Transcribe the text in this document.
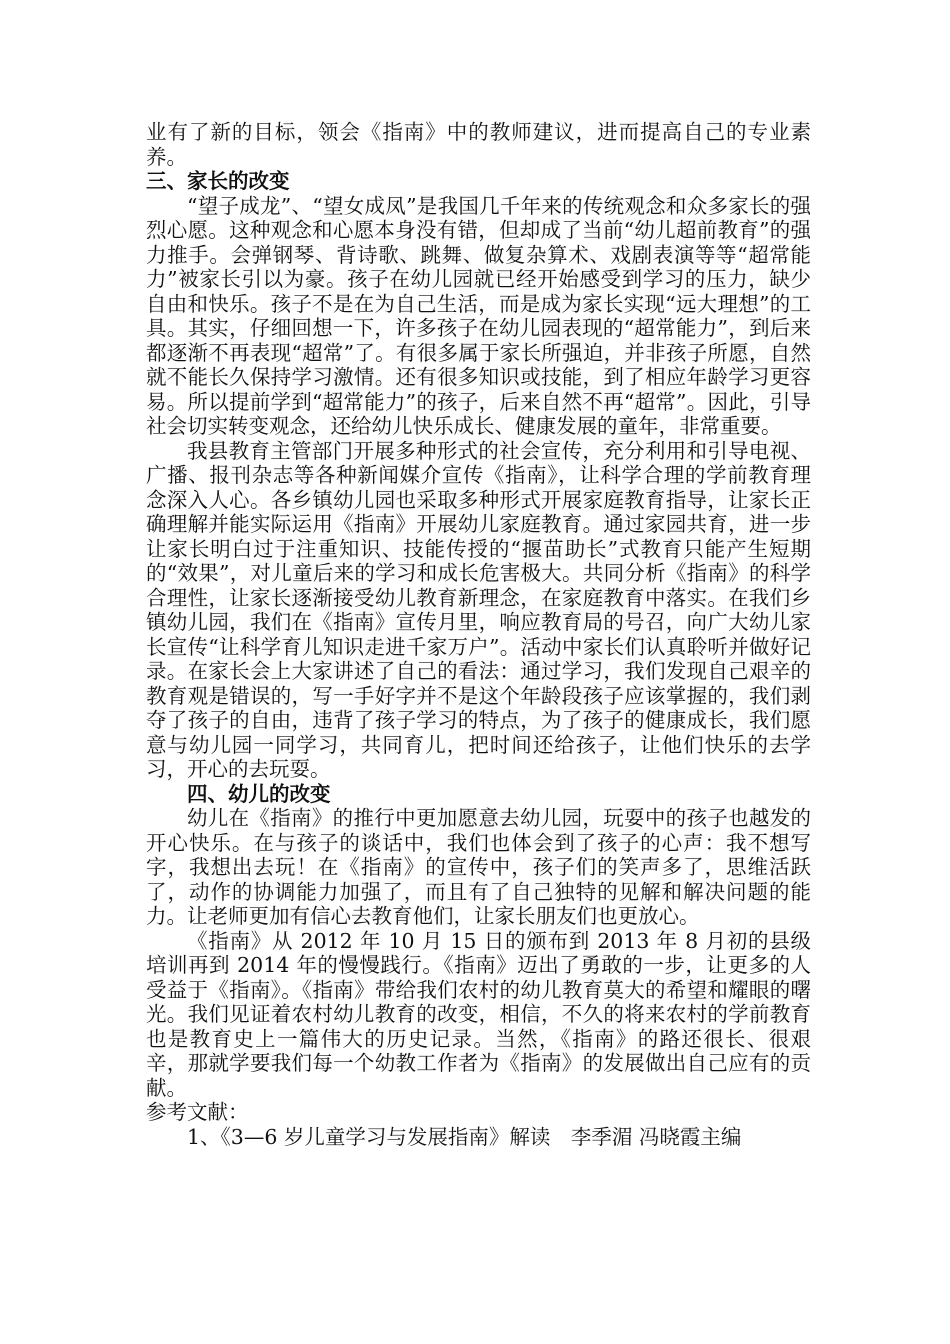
业有了新的目标，领会《指南》中的教师建议，进而提高自己的专业素养。

三、家长的改变

“望子成龙”、“望女成凤”是我国几千年来的传统观念和众多家长的强烈心愿。这种观念和心愿本身没有错，但却成了当前“幼儿超前教育”的强力推手。会弹钢琴、背诗歌、跳舞、做复杂算术、戏剧表演等等“超常能力”被家长引以为豪。孩子在幼儿园就已经开始感受到学习的压力，缺少自由和快乐。孩子不是在为自己生活，而是成为家长实现“远大理想”的工具。其实，仔细回想一下，许多孩子在幼儿园表现的“超常能力”，到后来都逐渐不再表现“超常”了。有很多属于家长所强迫，并非孩子所愿，自然就不能长久保持学习激情。还有很多知识或技能，到了相应年龄学习更容易。所以提前学到“超常能力”的孩子，后来自然不再“超常”。因此，引导社会切实转变观念，还给幼儿快乐成长、健康发展的童年，非常重要。

我县教育主管部门开展多种形式的社会宣传，充分利用和引导电视、广播、报刊杂志等各种新闻媒介宣传《指南》，让科学合理的学前教育理念深入人心。各乡镇幼儿园也采取多种形式开展家庭教育指导，让家长正确理解并能实际运用《指南》开展幼儿家庭教育。通过家园共育，进一步让家长明白过于注重知识、技能传授的“揠苗助长”式教育只能产生短期的“效果”，对儿童后来的学习和成长危害极大。共同分析《指南》的科学合理性，让家长逐渐接受幼儿教育新理念，在家庭教育中落实。在我们乡镇幼儿园，我们在《指南》宣传月里，响应教育局的号召，向广大幼儿家长宣传“让科学育儿知识走进千家万户”。活动中家长们认真聆听并做好记录。在家长会上大家讲述了自己的看法：通过学习，我们发现自己艰辛的教育观是错误的，写一手好字并不是这个年龄段孩子应该掌握的，我们剥夺了孩子的自由，违背了孩子学习的特点，为了孩子的健康成长，我们愿意与幼儿园一同学习，共同育儿，把时间还给孩子，让他们快乐的去学习，开心的去玩耍。

四、幼儿的改变

幼儿在《指南》的推行中更加愿意去幼儿园，玩耍中的孩子也越发的开心快乐。在与孩子的谈话中，我们也体会到了孩子的心声：我不想写字，我想出去玩！在《指南》的宣传中，孩子们的笑声多了，思维活跃了，动作的协调能力加强了，而且有了自己独特的见解和解决问题的能力。让老师更加有信心去教育他们，让家长朋友们也更放心。

《指南》从 2012 年 10 月 15 日的颁布到 2013 年 8 月初的县级培训再到 2014 年的慢慢践行。《指南》迈出了勇敢的一步，让更多的人受益于《指南》。《指南》带给我们农村的幼儿教育莫大的希望和耀眼的曙光。我们见证着农村幼儿教育的改变，相信，不久的将来农村的学前教育也是教育史上一篇伟大的历史记录。当然，《指南》的路还很长、很艰辛，那就学要我们每一个幼教工作者为《指南》的发展做出自己应有的贡献。

参考文献：

1、《3—6 岁儿童学习与发展指南》解读　李季湄 冯晓霞主编
